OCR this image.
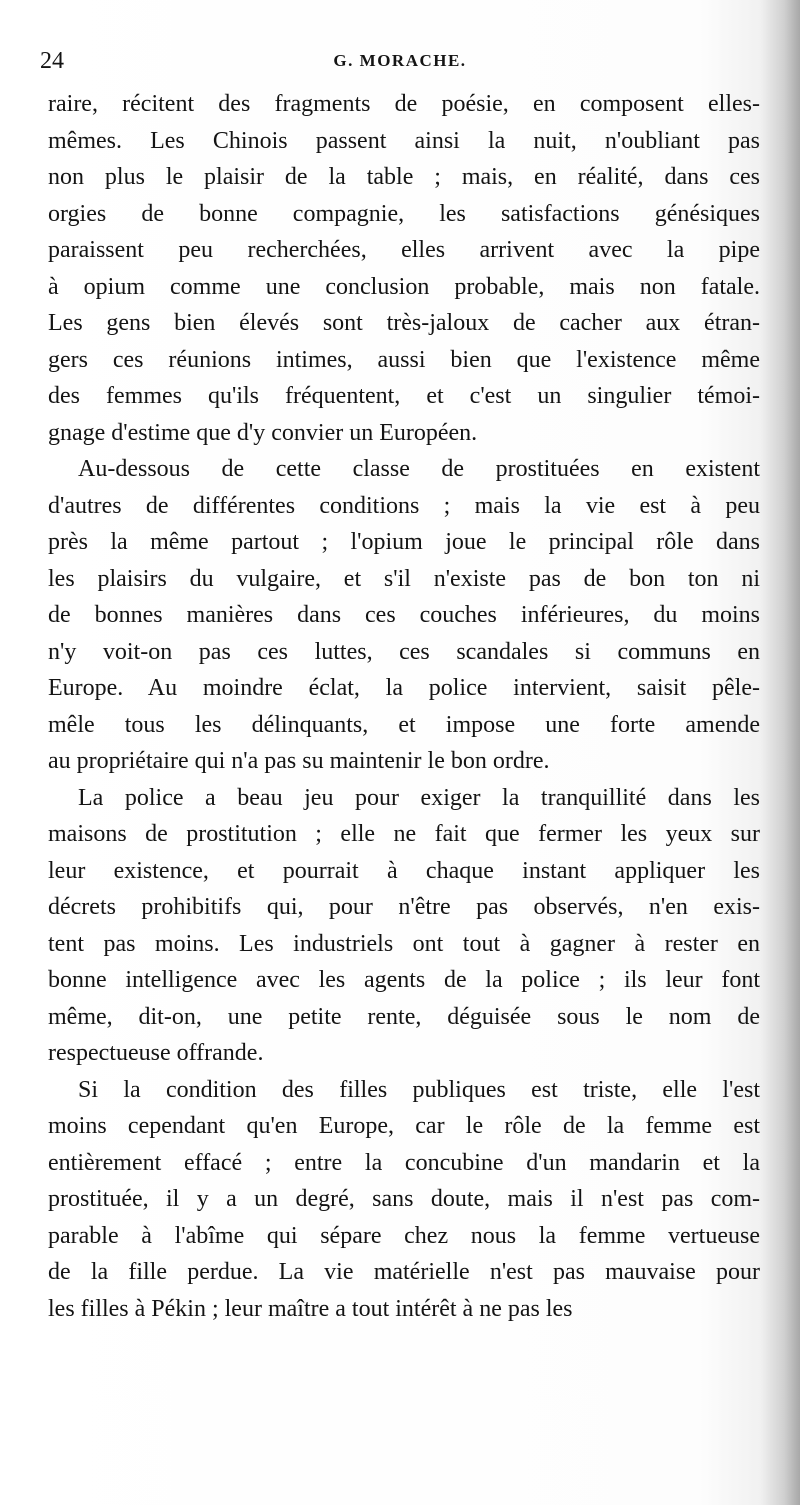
24	G. MORACHE.
raire, récitent des fragments de poésie, en composent elles-
mêmes. Les Chinois passent ainsi la nuit, n'oubliant pas
non plus le plaisir de la table ; mais, en réalité, dans ces
orgies de bonne compagnie, les satisfactions génésiques
paraissent peu recherchées, elles arrivent avec la pipe
à opium comme une conclusion probable, mais non fatale.
Les gens bien élevés sont très-jaloux de cacher aux étran-
gers ces réunions intimes, aussi bien que l'existence même
des femmes qu'ils fréquentent, et c'est un singulier témoi-
gnage d'estime que d'y convier un Européen.
Au-dessous de cette classe de prostituées en existent
d'autres de différentes conditions ; mais la vie est à peu
près la même partout ; l'opium joue le principal rôle dans
les plaisirs du vulgaire, et s'il n'existe pas de bon ton ni
de bonnes manières dans ces couches inférieures, du moins
n'y voit-on pas ces luttes, ces scandales si communs en
Europe. Au moindre éclat, la police intervient, saisit pêle-
mêle tous les délinquants, et impose une forte amende
au propriétaire qui n'a pas su maintenir le bon ordre.
La police a beau jeu pour exiger la tranquillité dans les
maisons de prostitution ; elle ne fait que fermer les yeux sur
leur existence, et pourrait à chaque instant appliquer les
décrets prohibitifs qui, pour n'être pas observés, n'en exis-
tent pas moins. Les industriels ont tout à gagner à rester en
bonne intelligence avec les agents de la police ; ils leur font
même, dit-on, une petite rente, déguisée sous le nom de
respectueuse offrande.
Si la condition des filles publiques est triste, elle l'est
moins cependant qu'en Europe, car le rôle de la femme est
entièrement effacé ; entre la concubine d'un mandarin et la
prostituée, il y a un degré, sans doute, mais il n'est pas com-
parable à l'abîme qui sépare chez nous la femme vertueuse
de la fille perdue. La vie matérielle n'est pas mauvaise pour
les filles à Pékin ; leur maître a tout intérêt à ne pas les
